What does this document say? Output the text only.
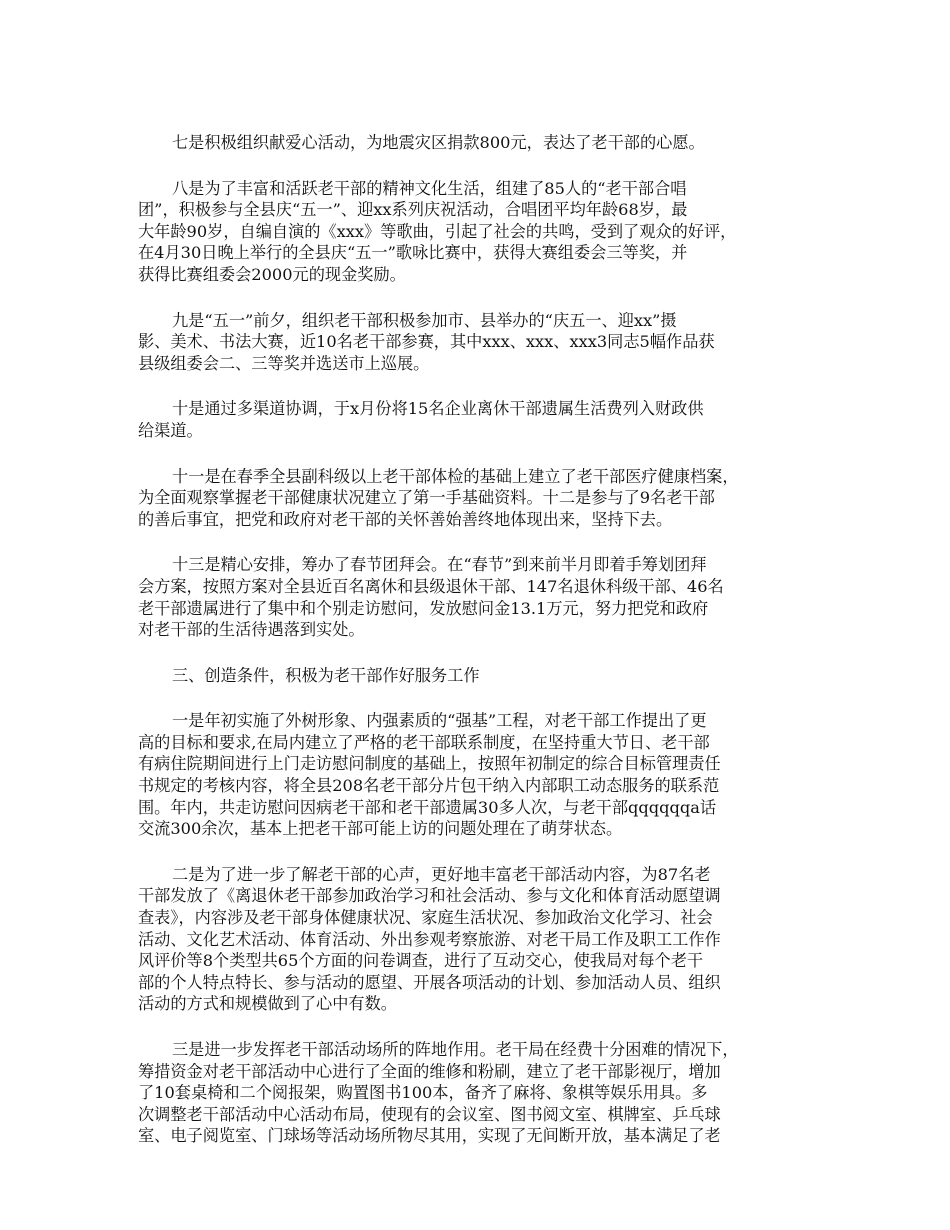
七是积极组织献爱心活动，为地震灾区捐款800元，表达了老干部的心愿。
八是为了丰富和活跃老干部的精神文化生活，组建了85人的“老干部合唱
团”，积极参与全县庆“五一”、迎xx系列庆祝活动，合唱团平均年龄68岁，最
大年龄90岁，自编自演的《xxx》等歌曲，引起了社会的共鸣，受到了观众的好评，
在4月30日晚上举行的全县庆“五一”歌咏比赛中，获得大赛组委会三等奖，并
获得比赛组委会2000元的现金奖励。
九是“五一”前夕，组织老干部积极参加市、县举办的“庆五一、迎xx”摄
影、美术、书法大赛，近10名老干部参赛，其中xxx、xxx、xxx3同志5幅作品获
县级组委会二、三等奖并选送市上巡展。
十是通过多渠道协调，于x月份将15名企业离休干部遗属生活费列入财政供
给渠道。
十一是在春季全县副科级以上老干部体检的基础上建立了老干部医疗健康档案，
为全面观察掌握老干部健康状况建立了第一手基础资料。十二是参与了9名老干部
的善后事宜，把党和政府对老干部的关怀善始善终地体现出来，坚持下去。
十三是精心安排，筹办了春节团拜会。在“春节”到来前半月即着手筹划团拜
会方案，按照方案对全县近百名离休和县级退休干部、147名退休科级干部、46名
老干部遗属进行了集中和个别走访慰问，发放慰问金13.1万元，努力把党和政府
对老干部的生活待遇落到实处。
三、创造条件，积极为老干部作好服务工作
一是年初实施了外树形象、内强素质的“强基”工程，对老干部工作提出了更
高的目标和要求,在局内建立了严格的老干部联系制度，在坚持重大节日、老干部
有病住院期间进行上门走访慰问制度的基础上，按照年初制定的综合目标管理责任
书规定的考核内容，将全县208名老干部分片包干纳入内部职工动态服务的联系范
围。年内，共走访慰问因病老干部和老干部遗属30多人次，与老干部qqqqqqa话
交流300余次，基本上把老干部可能上访的问题处理在了萌芽状态。
二是为了进一步了解老干部的心声，更好地丰富老干部活动内容，为87名老
干部发放了《离退休老干部参加政治学习和社会活动、参与文化和体育活动愿望调
查表》，内容涉及老干部身体健康状况、家庭生活状况、参加政治文化学习、社会
活动、文化艺术活动、体育活动、外出参观考察旅游、对老干局工作及职工工作作
风评价等8个类型共65个方面的问卷调查，进行了互动交心，使我局对每个老干
部的个人特点特长、参与活动的愿望、开展各项活动的计划、参加活动人员、组织
活动的方式和规模做到了心中有数。
三是进一步发挥老干部活动场所的阵地作用。老干局在经费十分困难的情况下，
筹措资金对老干部活动中心进行了全面的维修和粉刷，建立了老干部影视厅，增加
了10套桌椅和二个阅报架，购置图书100本，备齐了麻将、象棋等娱乐用具。多
次调整老干部活动中心活动布局，使现有的会议室、图书阅文室、棋牌室、乒乓球
室、电子阅览室、门球场等活动场所物尽其用，实现了无间断开放，基本满足了老
